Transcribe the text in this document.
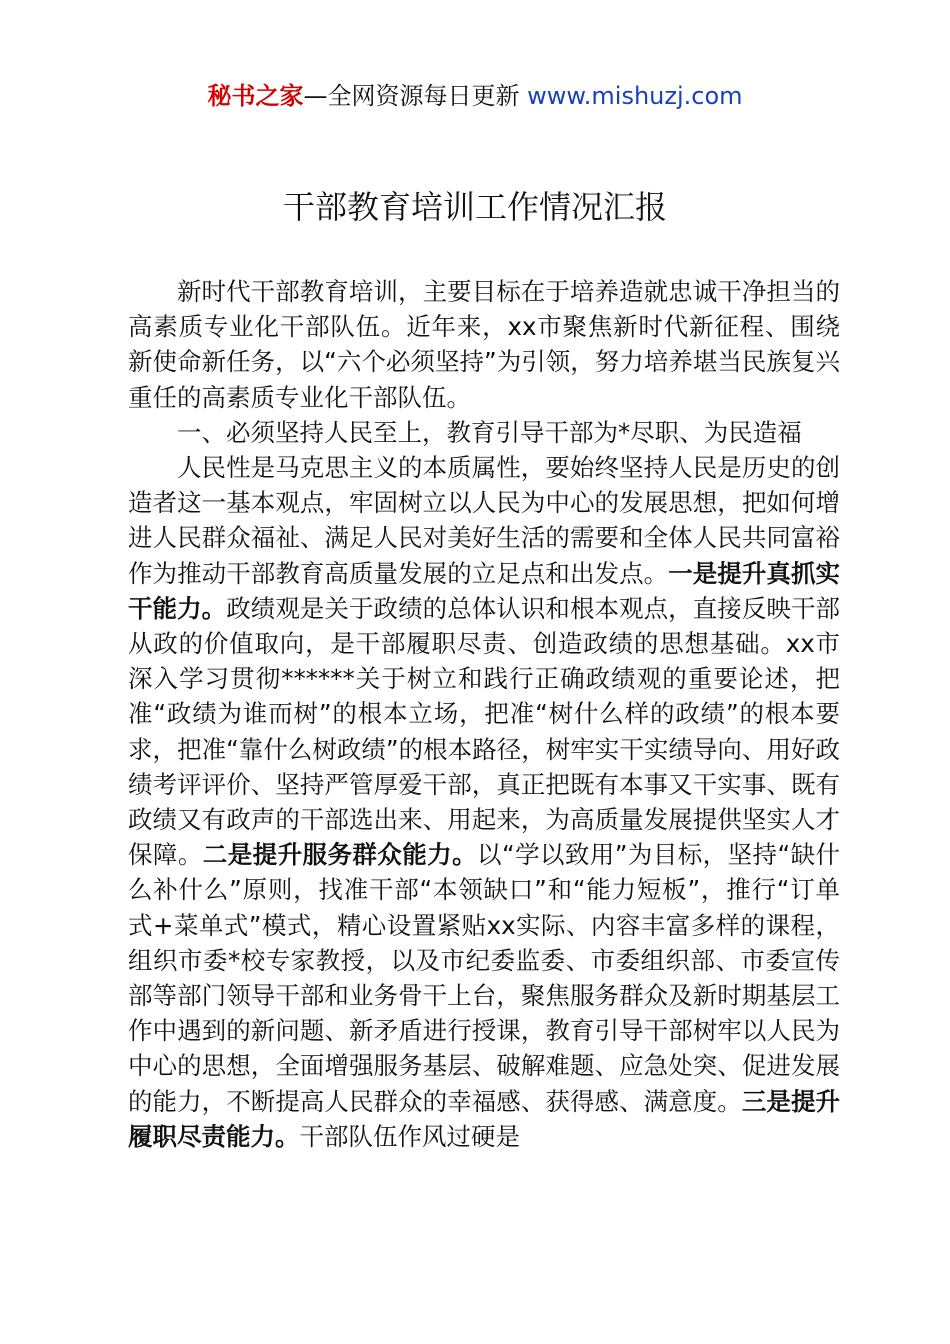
秘书之家—全网资源每日更新 www.mishuzj.com
干部教育培训工作情况汇报

新时代干部教育培训，主要目标在于培养造就忠诚干净担当的高素质专业化干部队伍。近年来，xx市聚焦新时代新征程、围绕新使命新任务，以“六个必须坚持”为引领，努力培养堪当民族复兴重任的高素质专业化干部队伍。

一、必须坚持人民至上，教育引导干部为*尽职、为民造福

人民性是马克思主义的本质属性，要始终坚持人民是历史的创造者这一基本观点，牢固树立以人民为中心的发展思想，把如何增进人民群众福祉、满足人民对美好生活的需要和全体人民共同富裕作为推动干部教育高质量发展的立足点和出发点。一是提升真抓实干能力。政绩观是关于政绩的总体认识和根本观点，直接反映干部从政的价值取向，是干部履职尽责、创造政绩的思想基础。xx市深入学习贯彻******关于树立和践行正确政绩观的重要论述，把准“政绩为谁而树”的根本立场，把准“树什么样的政绩”的根本要求，把准“靠什么树政绩”的根本路径，树牢实干实绩导向、用好政绩考评评价、坚持严管厚爱干部，真正把既有本事又干实事、既有政绩又有政声的干部选出来、用起来，为高质量发展提供坚实人才保障。二是提升服务群众能力。以“学以致用”为目标，坚持“缺什么补什么”原则，找准干部“本领缺口”和“能力短板”，推行“订单式+菜单式”模式，精心设置紧贴xx实际、内容丰富多样的课程，组织市委*校专家教授，以及市纪委监委、市委组织部、市委宣传部等部门领导干部和业务骨干上台，聚焦服务群众及新时期基层工作中遇到的新问题、新矛盾进行授课，教育引导干部树牢以人民为中心的思想，全面增强服务基层、破解难题、应急处突、促进发展的能力，不断提高人民群众的幸福感、获得感、满意度。三是提升履职尽责能力。干部队伍作风过硬是
